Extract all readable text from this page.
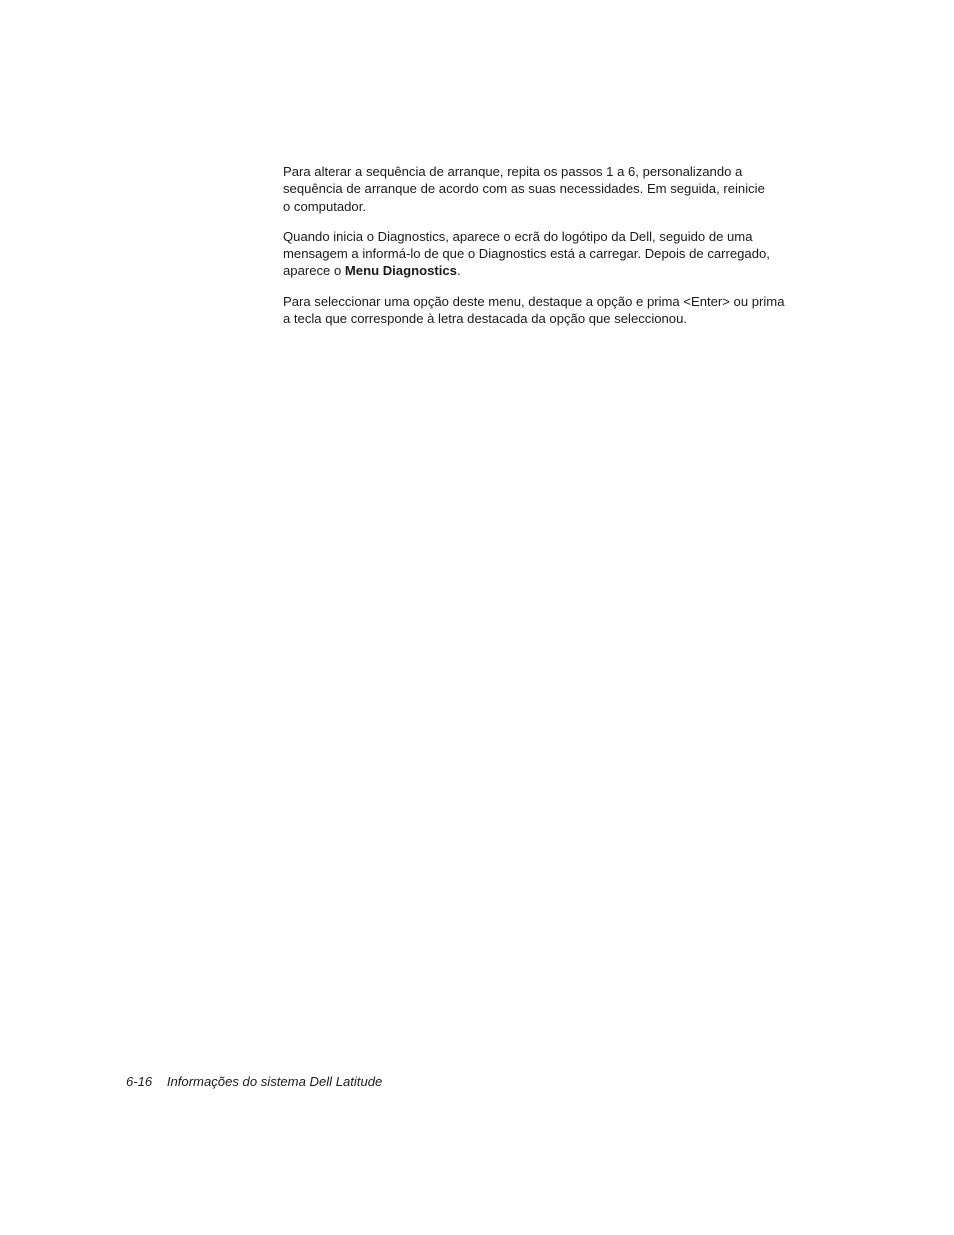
Para alterar a sequência de arranque, repita os passos 1 a 6, personalizando a
sequência de arranque de acordo com as suas necessidades. Em seguida, reinicie
o computador.

Quando inicia o Diagnostics, aparece o ecrã do logótipo da Dell, seguido de uma
mensagem a informá-lo de que o Diagnostics está a carregar. Depois de carregado,
aparece o Menu Diagnostics.

Para seleccionar uma opção deste menu, destaque a opção e prima <Enter> ou prima
a tecla que corresponde à letra destacada da opção que seleccionou.

6-16 Informações do sistema Dell Latitude
